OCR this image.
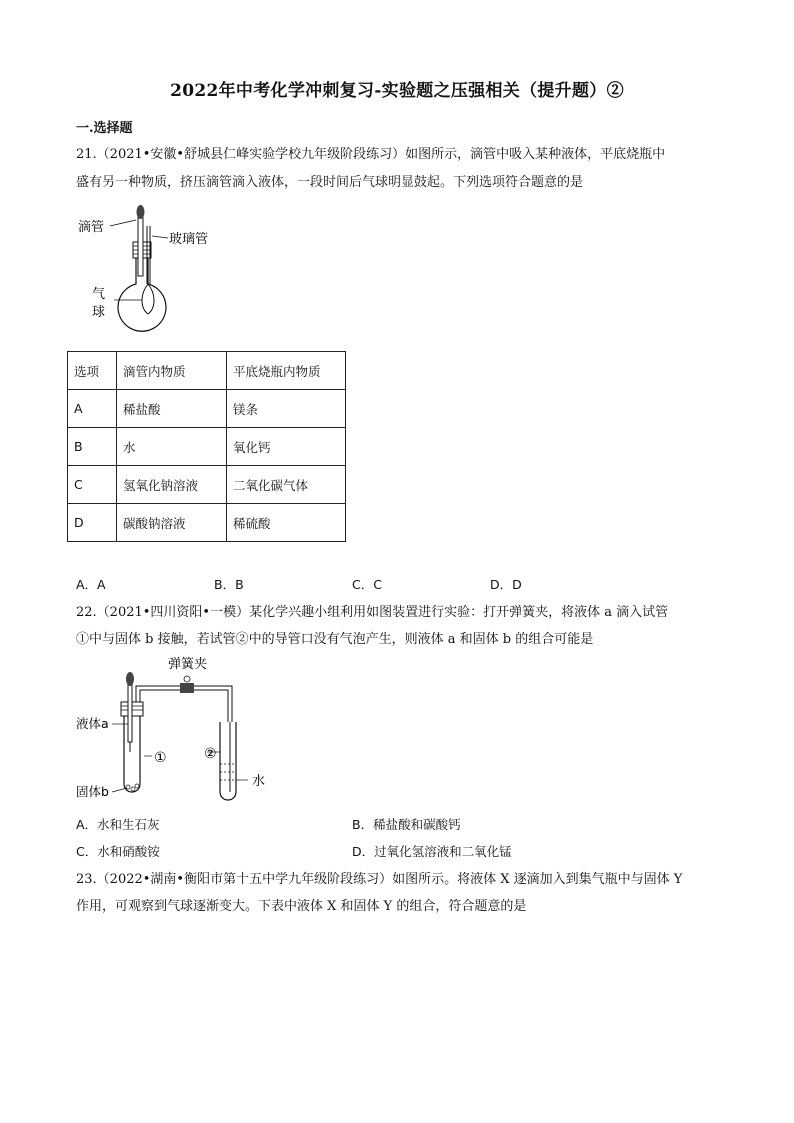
2022年中考化学冲刺复习-实验题之压强相关（提升题）②
一.选择题
21.（2021•安徽•舒城县仁峰实验学校九年级阶段练习）如图所示，滴管中吸入某种液体，平底烧瓶中
盛有另一种物质，挤压滴管滴入液体，一段时间后气球明显鼓起。下列选项符合题意的是
滴管
玻璃管
气
球
选项	滴管内物质	平底烧瓶内物质
A	稀盐酸	镁条
B	水	氧化钙
C	氢氧化钠溶液	二氧化碳气体
D	碳酸钠溶液	稀硫酸
A．A	B．B	C．C	D．D
22.（2021•四川资阳•一模）某化学兴趣小组利用如图装置进行实验：打开弹簧夹，将液体 a 滴入试管
①中与固体 b 接触，若试管②中的导管口没有气泡产生，则液体 a 和固体 b 的组合可能是
弹簧夹
液体a
固体b
①	②
水
A．水和生石灰	B．稀盐酸和碳酸钙
C．水和硝酸铵	D．过氧化氢溶液和二氧化锰
23.（2022•湖南•衡阳市第十五中学九年级阶段练习）如图所示。将液体 X 逐滴加入到集气瓶中与固体 Y
作用，可观察到气球逐渐变大。下表中液体 X 和固体 Y 的组合，符合题意的是
